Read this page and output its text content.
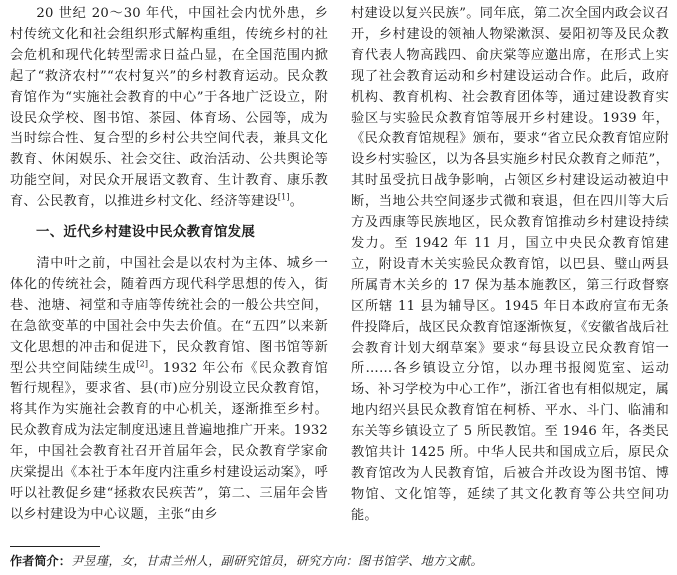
20 世纪 20～30 年代，中国社会内忧外患，乡村传统文化和社会组织形式解构重组，传统乡村的社会危机和现代化转型需求日益凸显，在全国范围内掀起了“救济农村”“农村复兴”的乡村教育运动。民众教育馆作为“实施社会教育的中心”于各地广泛设立，附设民众学校、图书馆、茶园、体育场、公园等，成为当时综合性、复合型的乡村公共空间代表，兼具文化教育、休闲娱乐、社会交往、政治活动、公共舆论等功能空间，对民众开展语文教育、生计教育、康乐教育、公民教育，以推进乡村文化、经济等建设[1]。

一、近代乡村建设中民众教育馆发展

清中叶之前，中国社会是以农村为主体、城乡一体化的传统社会，随着西方现代科学思想的传入，街巷、池塘、祠堂和寺庙等传统社会的一般公共空间，在急欲变革的中国社会中失去价值。在“五四”以来新文化思想的冲击和促进下，民众教育馆、图书馆等新型公共空间陆续生成[2]。1932 年公布《民众教育馆暂行规程》，要求省、县(市)应分别设立民众教育馆，将其作为实施社会教育的中心机关，逐渐推至乡村。民众教育成为法定制度迅速且普遍地推广开来。1932 年，中国社会教育社召开首届年会，民众教育学家俞庆棠提出《本社于本年度内注重乡村建设运动案》，呼吁以社教促乡建“拯救农民疾苦”，第二、三届年会皆以乡村建设为中心议题，主张“由乡

村建设以复兴民族”。同年底，第二次全国内政会议召开，乡村建设的领袖人物梁漱溟、晏阳初等及民众教育代表人物高践四、俞庆棠等应邀出席，在形式上实现了社会教育运动和乡村建设运动合作。此后，政府机构、教育机构、社会教育团体等，通过建设教育实验区与实验民众教育馆等展开乡村建设。1939 年，《民众教育馆规程》颁布，要求“省立民众教育馆应附设乡村实验区，以为各县实施乡村民众教育之师范”，其时虽受抗日战争影响，占领区乡村建设运动被迫中断，当地公共空间逐步式微和衰退，但在四川等大后方及西康等民族地区，民众教育馆推动乡村建设持续发力。至 1942 年 11 月，国立中央民众教育馆建立，附设青木关实验民众教育馆，以巴县、璧山两县所属青木关乡的 17 保为基本施教区，第三行政督察区所辖 11 县为辅导区。1945 年日本政府宣布无条件投降后，战区民众教育馆逐渐恢复，《安徽省战后社会教育计划大纲草案》要求“每县设立民众教育馆一所……各乡镇设立分馆，以办理书报阅览室、运动场、补习学校为中心工作”，浙江省也有相似规定，属地内绍兴县民众教育馆在柯桥、平水、斗门、临浦和东关等乡镇设立了 5 所民教馆。至 1946 年，各类民教馆共计 1425 所。中华人民共和国成立后，原民众教育馆改为人民教育馆，后被合并改设为图书馆、博物馆、文化馆等，延续了其文化教育等公共空间功能。

作者简介：尹昱瑾，女，甘肃兰州人，副研究馆员，研究方向：图书馆学、地方文献。
